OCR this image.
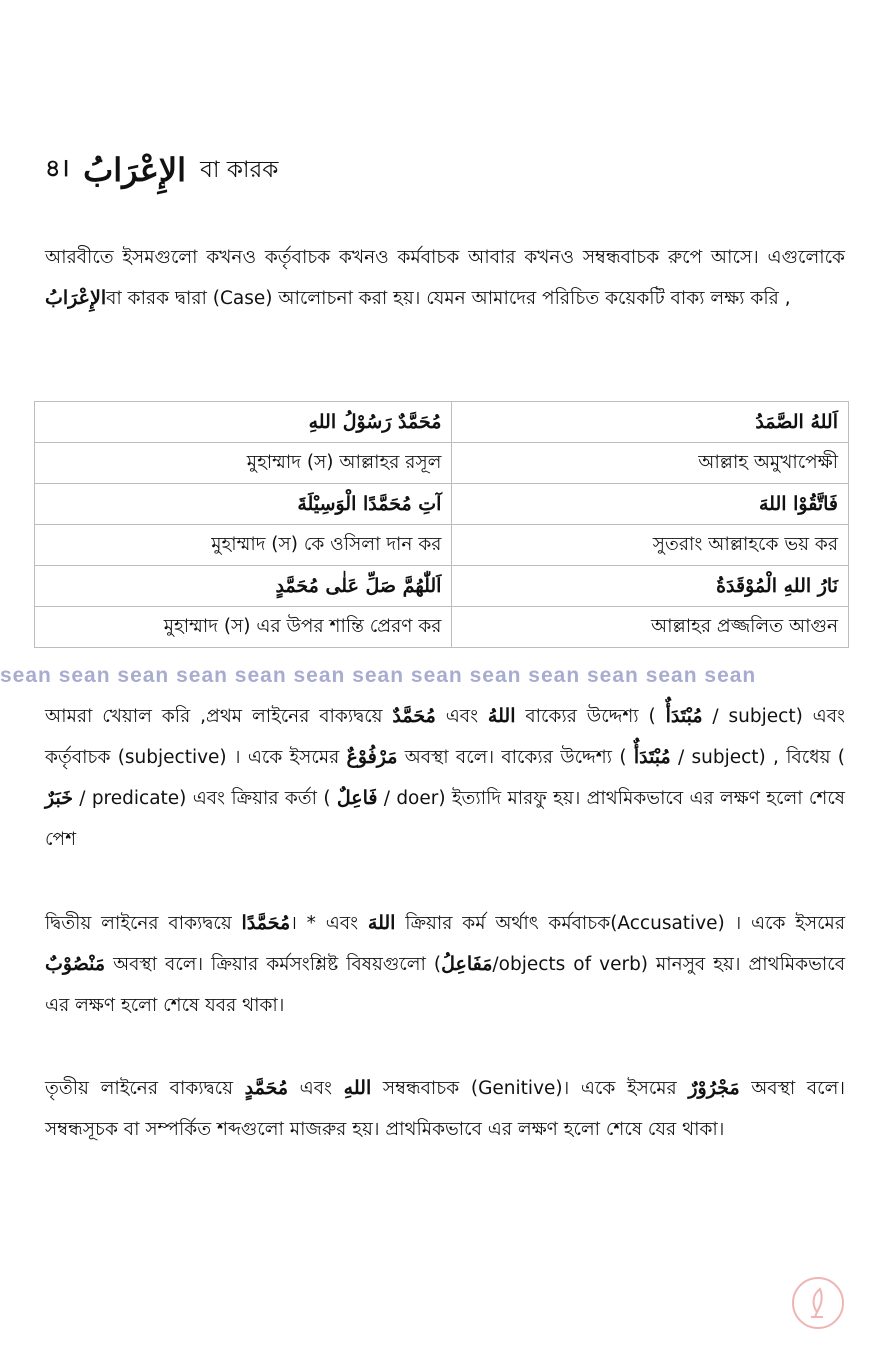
৪। الإِعْرَابُ বা কারক

আরবীতে ইসমগুলো কখনও কর্তৃবাচক কখনও কর্মবাচক আবার কখনও সম্বন্ধবাচক রুপে আসে। এগুলোকে الإِعْرَابُবা কারক দ্বারা (Case) আলোচনা করা হয়। যেমন আমাদের পরিচিত কয়েকটি বাক্য লক্ষ্য করি ,

مُحَمَّدٌ رَسُوْلُ اللهِ	اَللهُ الصَّمَدُ
মুহাম্মাদ (স) আল্লাহর রসূল	আল্লাহ অমুখাপেক্ষী
آتِ مُحَمَّدًا الْوَسِيْلَةَ	فَاتَّقُوْا اللهَ
মুহাম্মাদ (স) কে ওসিলা দান কর	সুতরাং আল্লাহকে ভয় কর
اَللّٰهُمَّ صَلِّ عَلٰى مُحَمَّدٍ	نَارُ اللهِ الْمُوْقَدَةُ
মুহাম্মাদ (স) এর উপর শান্তি প্রেরণ কর	আল্লাহর প্রজ্জলিত আগুন
sean sean sean sean sean sean sean sean sean sean sean sean sean

আমরা খেয়াল করি ,প্রথম লাইনের বাক্যদ্বয়ে مُحَمَّدٌ এবং اللهُ বাক্যের উদ্দেশ্য ( مُبْتَدَأٌ / subject) এবং কর্তৃবাচক (subjective) । একে ইসমের مَرْفُوْعٌ অবস্থা বলে। বাক্যের উদ্দেশ্য ( مُبْتَدَأٌ / subject) , বিধেয় ( خَبَرٌ / predicate) এবং ক্রিয়ার কর্তা ( فَاعِلٌ / doer) ইত্যাদি মারফু হয়। প্রাথমিকভাবে এর লক্ষণ হলো শেষে পেশ

দ্বিতীয় লাইনের বাক্যদ্বয়ে مُحَمَّدًا। * এবং اللهَ ক্রিয়ার কর্ম অর্থাৎ কর্মবাচক(Accusative) । একে ইসমের مَنْصُوْبٌ অবস্থা বলে। ক্রিয়ার কর্মসংশ্লিষ্ট বিষয়গুলো (مَفَاعِلُ/objects of verb) মানসুব হয়। প্রাথমিকভাবে এর লক্ষণ হলো শেষে যবর থাকা।

তৃতীয় লাইনের বাক্যদ্বয়ে مُحَمَّدٍ এবং اللهِ সম্বন্ধবাচক (Genitive)। একে ইসমের مَجْرُوْرٌ অবস্থা বলে। সম্বন্ধসূচক বা সম্পর্কিত শব্দগুলো মাজরুর হয়। প্রাথমিকভাবে এর লক্ষণ হলো শেষে যের থাকা।
